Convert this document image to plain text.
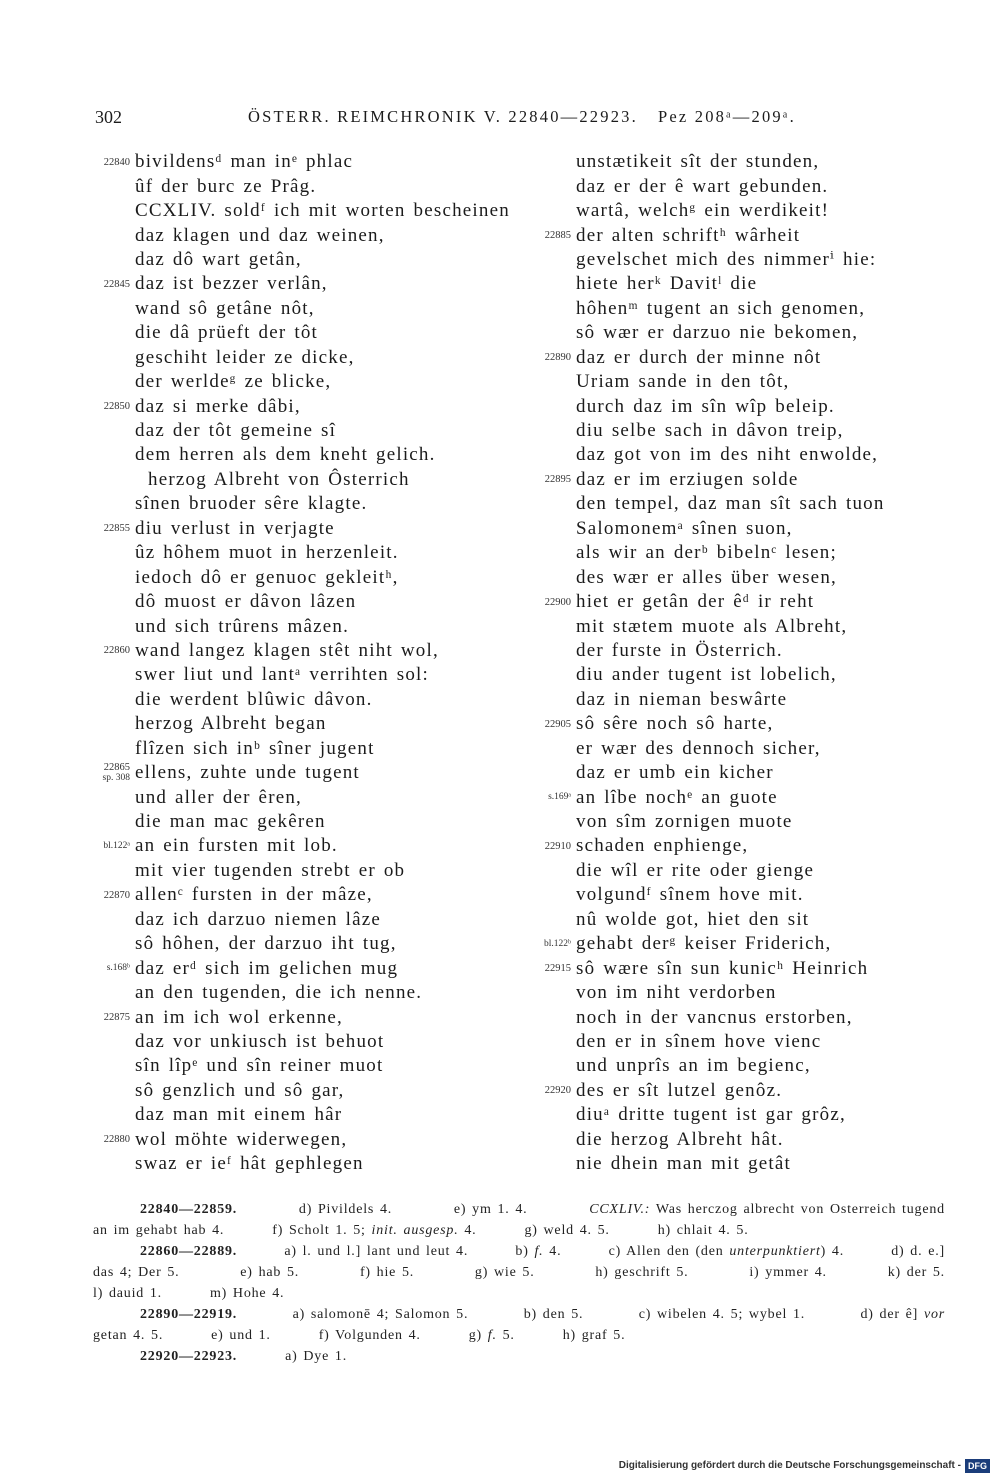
302	ÖSTERR. REIMCHRONIK V. 22840—22923. Pez 208ᵃ—209ᵃ.
22840 bivildensᵈ man inᵉ phlac
ûf der burc ze Prâg.
CCXLIV. soldᶠ ich mit worten bescheinen
daz klagen und daz weinen,
daz dô wart getân,
22845 daz ist bezzer verlân,
wand sô getâne nôt,
die dâ prüeft der tôt
geschiht leider ze dicke,
der werldeᵍ ze blicke,
22850 daz si merke dâbi,
daz der tôt gemeine sî
dem herren als dem kneht gelich.
herzog Albreht von Ôsterrich
sînen bruoder sêre klagte.
22855 diu verlust in verjagte
ûz hôhem muot in herzenleit.
iedoch dô er genuoc gekleitʰ,
dô muost er dâvon lâzen
und sich trûrens mâzen.
22860 wand langez klagen stêt niht wol,
swer liut und lantᵃ verrihten sol:
die werdent blûwic dâvon.
herzog Albreht began
flîzen sich inᵇ sîner jugent
22865
sp. 308 ellens, zuhte unde tugent
und aller der êren,
die man mac gekêren
bl.122ᵃ an ein fursten mit lob.
mit vier tugenden strebt er ob
22870 allenᶜ fursten in der mâze,
daz ich darzuo niemen lâze
sô hôhen, der darzuo iht tug,
s.168ᵇ daz erᵈ sich im gelichen mug
an den tugenden, die ich nenne.
22875 an im ich wol erkenne,
daz vor unkiusch ist behuot
sîn lîpᵉ und sîn reiner muot
sô genzlich und sô gar,
daz man mit einem hâr
22880 wol möhte widerwegen,
swaz er ieᶠ hât gephlegen
unstætikeit sît der stunden,
daz er der ê wart gebunden.
wartâ, welchᵍ ein werdikeit!
22885 der alten schriftʰ wârheit
gevelschet mich des nimmerⁱ hie:
hiete herᵏ Davitˡ die
hôhenᵐ tugent an sich genomen,
sô wær er darzuo nie bekomen,
22890 daz er durch der minne nôt
Uriam sande in den tôt,
durch daz im sîn wîp beleip.
diu selbe sach in dâvon treip,
daz got von im des niht enwolde,
22895 daz er im erziugen solde
den tempel, daz man sît sach tuon
Salomonemᵃ sînen suon,
als wir an derᵇ bibelnᶜ lesen;
des wær er alles über wesen,
22900 hiet er getân der êᵈ ir reht
mit stætem muote als Albreht,
der furste in Österrich.
diu ander tugent ist lobelich,
daz in nieman beswârte
22905 sô sêre noch sô harte,
er wær des dennoch sicher,
daz er umb ein kicher
s.169ᵃ an lîbe nochᵉ an guote
von sîm zornigen muote
22910 schaden enphienge,
die wîl er rite oder gienge
volgundᶠ sînem hove mit.
nû wolde got, hiet den sit
bl.122ᵇ gehabt derᵍ keiser Friderich,
22915 sô wære sîn sun kunicʰ Heinrich
von im niht verdorben
noch in der vancnus erstorben,
den er in sînem hove vienc
und unprîs an im begienc,
22920 des er sît lutzel genôz.
diuᵃ dritte tugent ist gar grôz,
die herzog Albreht hât.
nie dhein man mit getât
22840—22859.	d) Pivildels 4.	e) ym 1. 4.	CCXLIV.: Was herczog albrecht von Osterreich tugend
an im gehabt hab 4.	f) Scholt 1. 5; init. ausgesp. 4.	g) weld 4. 5.	h) chlait 4. 5.
22860—22889.	a) l. und l.] lant und leut 4.	b) f. 4.	c) Allen den (den unterpunktiert) 4.	d) d. e.]
das 4; Der 5.	e) hab 5.	f) hie 5.	g) wie 5.	h) geschrift 5.	i) ymmer 4.	k) der 5.
l) dauid 1.	m) Hohe 4.
22890—22919.	a) salomonē 4; Salomon 5.	b) den 5.	c) wibelen 4. 5; wybel 1.	d) der ê] vor
getan 4. 5.	e) und 1.	f) Volgunden 4.	g) f. 5.	h) graf 5.
22920—22923.	a) Dye 1.
Digitalisierung gefördert durch die Deutsche Forschungsgemeinschaft - DFG
